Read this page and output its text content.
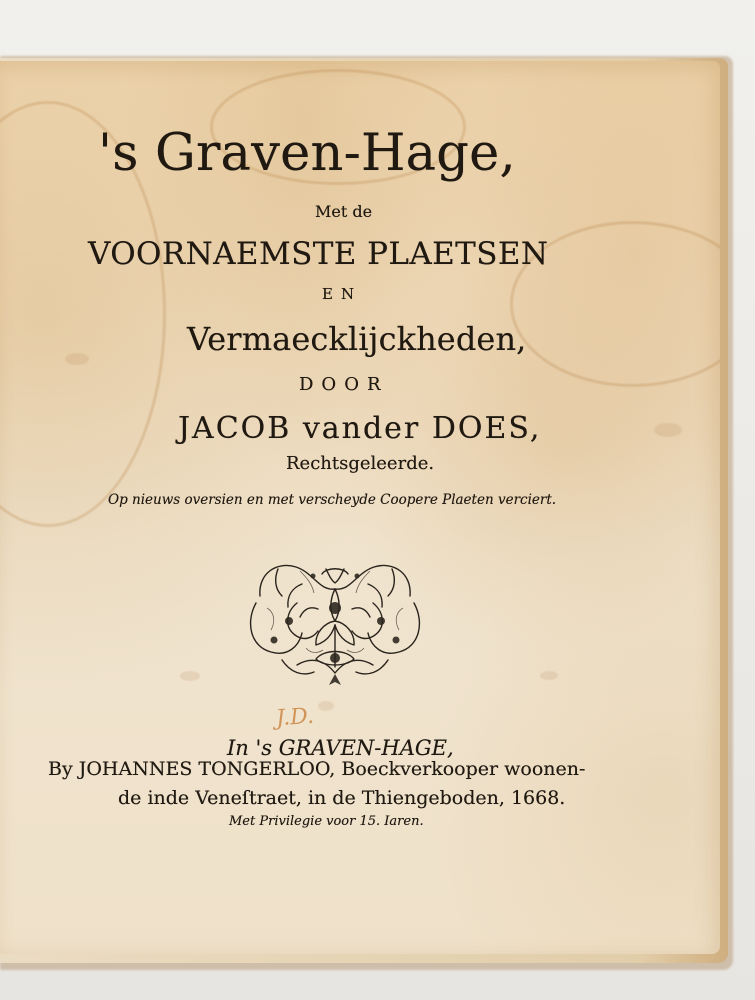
's Graven-Hage,
Met de
VOORNAEMSTE PLAETSEN
EN
Vermaecklijckheden,
DOOR
JACOB vander DOES,
Rechtsgeleerde.
Op nieuws oversien en met verscheyde Coopere Plaeten verciert.
J.D.
In 's GRAVEN-HAGE,
By JOHANNES TONGERLOO, Boeckverkooper woonen-
de inde Veneſtraet, in de Thiengeboden, 1668.
Met Privilegie voor 15. Iaren.
